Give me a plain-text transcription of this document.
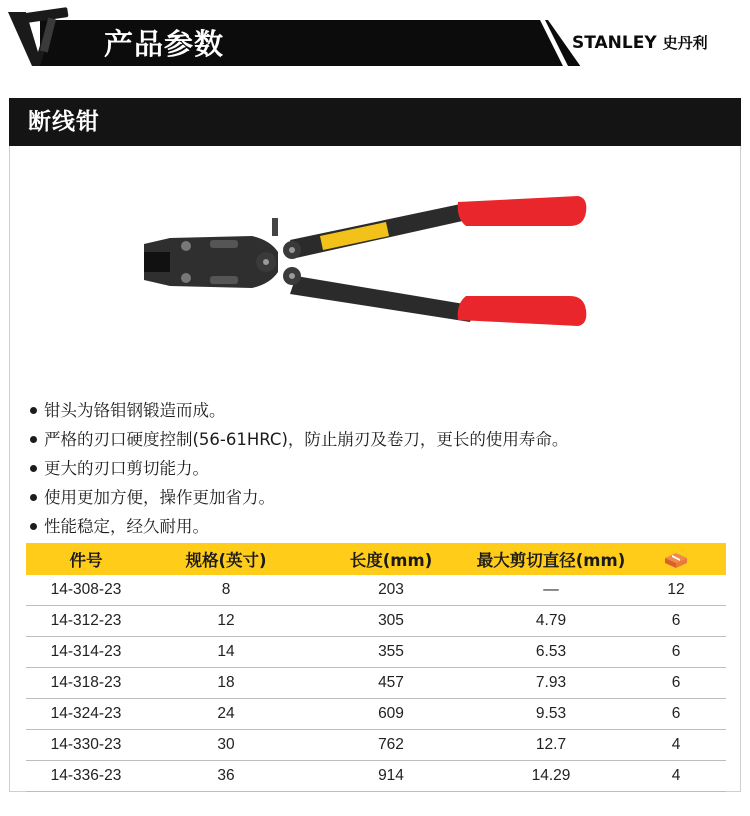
产品参数	STANLEY 史丹利
断线钳
钳头为铬钼钢锻造而成。
严格的刃口硬度控制(56-61HRC)，防止崩刃及卷刀，更长的使用寿命。
更大的刃口剪切能力。
使用更加方便，操作更加省力。
性能稳定，经久耐用。
件号	规格(英寸)	长度(mm)	最大剪切直径(mm)	
14-308-23	8	203	—	12
14-312-23	12	305	4.79	6
14-314-23	14	355	6.53	6
14-318-23	18	457	7.93	6
14-324-23	24	609	9.53	6
14-330-23	30	762	12.7	4
14-336-23	36	914	14.29	4
